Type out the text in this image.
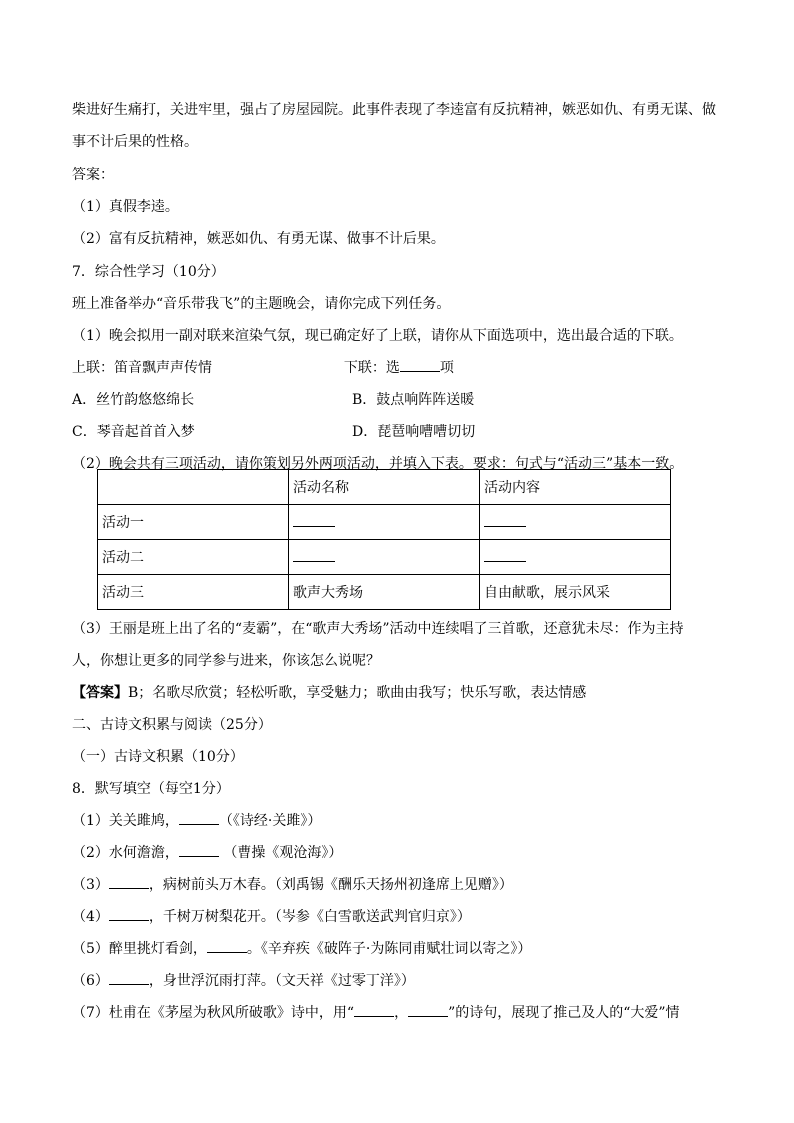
柴进好生痛打，关进牢里，强占了房屋园院。此事件表现了李逵富有反抗精神，嫉恶如仇、有勇无谋、做
事不计后果的性格。
答案：
（1）真假李逵。
（2）富有反抗精神，嫉恶如仇、有勇无谋、做事不计后果。
7．综合性学习（10分）
班上准备举办“音乐带我飞”的主题晚会，请你完成下列任务。
（1）晚会拟用一副对联来渲染气氛，现已确定好了上联，请你从下面选项中，选出最合适的下联。
上联：笛音飘声声传情	下联：选	项
A．丝竹韵悠悠绵长	B．鼓点响阵阵送暖
C．琴音起首首入梦	D．琵琶响嘈嘈切切
（2）晚会共有三项活动，请你策划另外两项活动，并填入下表。要求：句式与“活动三”基本一致。
	活动名称	活动内容
活动一		
活动二		
活动三	歌声大秀场	自由献歌，展示风采
（3）王丽是班上出了名的“麦霸”，在“歌声大秀场”活动中连续唱了三首歌，还意犹未尽：作为主持
人，你想让更多的同学参与进来，你该怎么说呢？
【答案】B；名歌尽欣赏；轻松听歌，享受魅力；歌曲由我写；快乐写歌，表达情感
二、古诗文积累与阅读（25分）
（一）古诗文积累（10分）
8．默写填空（每空1分）
（1）关关雎鸠，	（《诗经·关雎》）
（2）水何澹澹，	（曹操《观沧海》）
（3）	，病树前头万木春。（刘禹锡《酬乐天扬州初逢席上见赠》）
（4）	，千树万树梨花开。（岑参《白雪歌送武判官归京》）
（5）醉里挑灯看剑，	。《辛弃疾《破阵子·为陈同甫赋壮词以寄之》）
（6）	，身世浮沉雨打萍。（文天祥《过零丁洋》）
（7）杜甫在《茅屋为秋风所破歌》诗中，用“	，	”的诗句，展现了推己及人的“大爱”情
